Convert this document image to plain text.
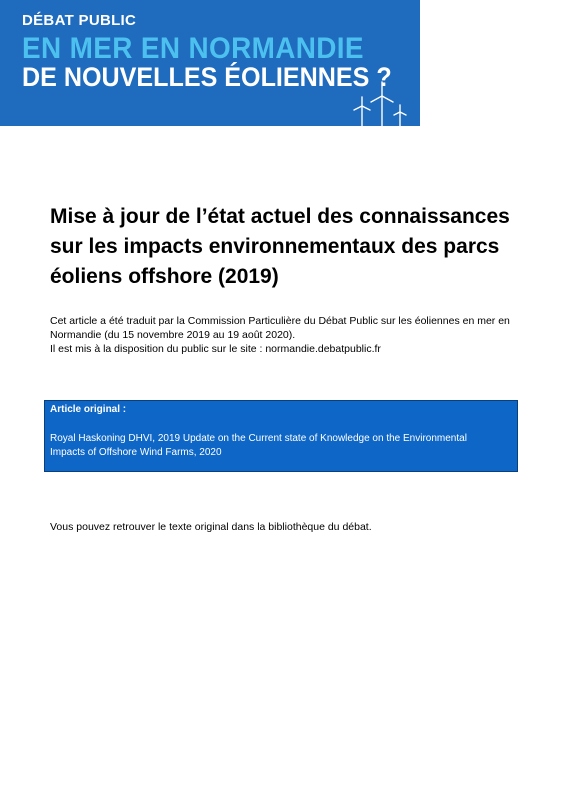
DÉBAT PUBLIC
EN MER EN NORMANDIE
DE NOUVELLES ÉOLIENNES ?
Mise à jour de l’état actuel des connaissances
sur les impacts environnementaux des parcs
éoliens offshore (2019)
Cet article a été traduit par la Commission Particulière du Débat Public sur les éoliennes en mer en
Normandie (du 15 novembre 2019 au 19 août 2020).
Il est mis à la disposition du public sur le site : normandie.debatpublic.fr
Article original :
Royal Haskoning DHVI, 2019 Update on the Current state of Knowledge on the Environmental
Impacts of Offshore Wind Farms, 2020
Vous pouvez retrouver le texte original dans la bibliothèque du débat.
